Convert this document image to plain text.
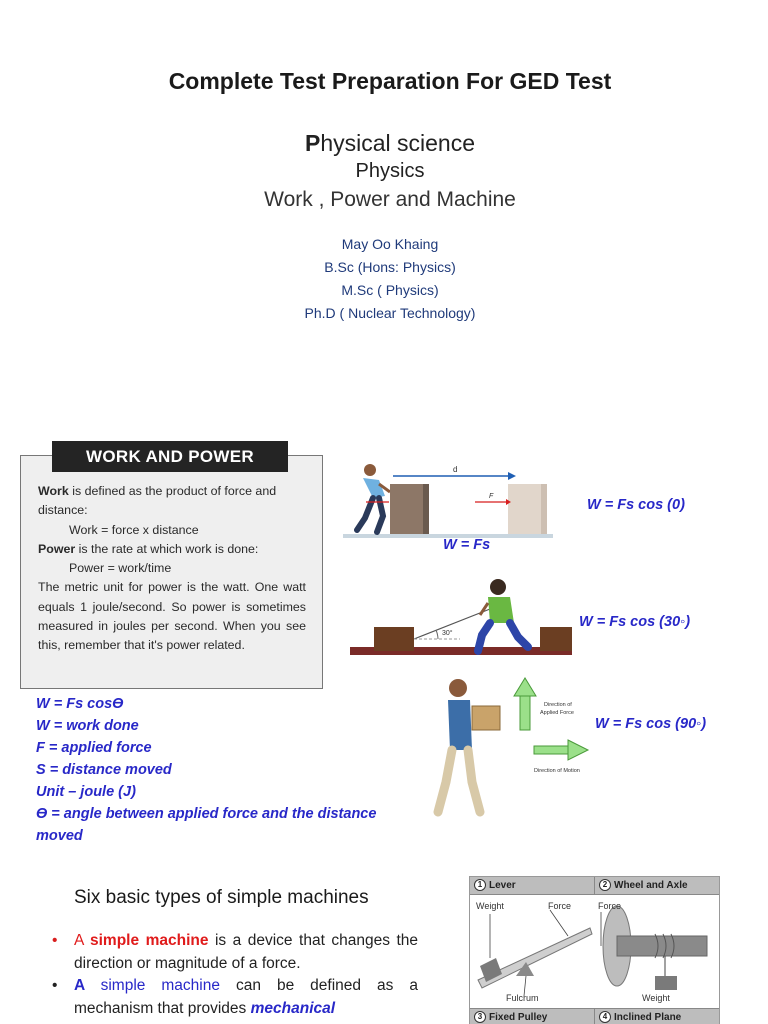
Complete Test Preparation For GED Test
Physical science
Physics
Work , Power and Machine
May Oo Khaing
B.Sc (Hons: Physics)
M.Sc ( Physics)
Ph.D ( Nuclear Technology)
WORK AND POWER

Work is defined as the product of force and distance:

Work = force x distance

Power is the rate at which work is done:

Power = work/time

The metric unit for power is the watt. One watt equals 1 joule/second. So power is sometimes measured in joules per second. When you see this, remember that it's power related.

W = Fs cosϴ
W = work done
F = applied force
S = distance moved
Unit – joule (J)
ϴ = angle between applied force and the distance moved
d
F
W = Fs cos (0)
W = Fs
30°
W = Fs cos (30◦)
Direction of
Applied Force
Direction of Motion
W = Fs cos (90◦)
Six basic types of simple machines
• A simple machine is a device that changes the direction or magnitude of a force.
• A simple machine can be defined as a mechanism that provides mechanical
1 Lever	2 Wheel and Axle
Weight	Force
Fulcrum
Force
Weight
3 Fixed Pulley	4 Inclined Plane
